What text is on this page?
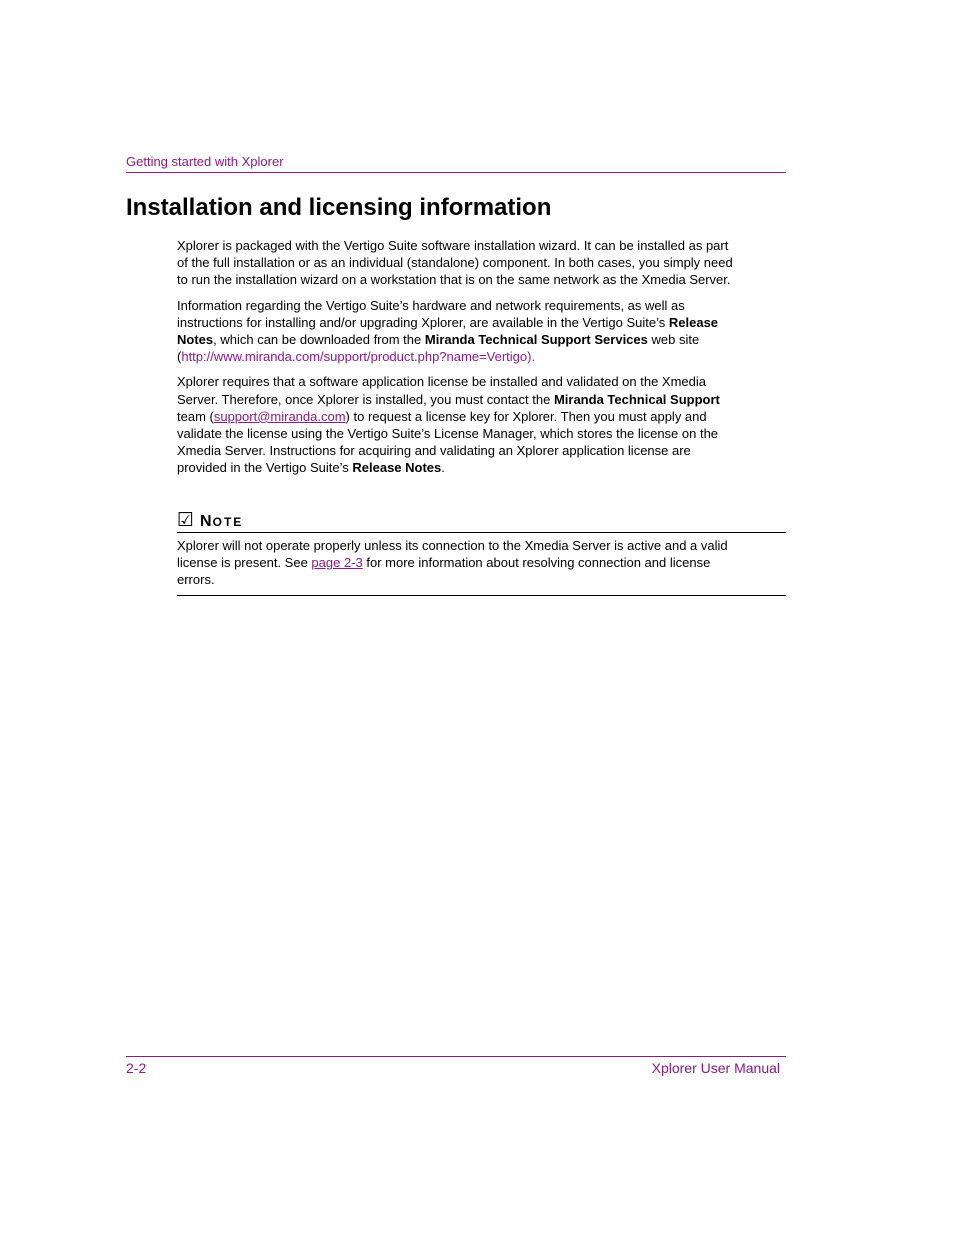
Getting started with Xplorer
Installation and licensing information

Xplorer is packaged with the Vertigo Suite software installation wizard. It can be installed as part of the full installation or as an individual (standalone) component. In both cases, you simply need to run the installation wizard on a workstation that is on the same network as the Xmedia Server.

Information regarding the Vertigo Suite’s hardware and network requirements, as well as instructions for installing and/or upgrading Xplorer, are available in the Vertigo Suite’s Release Notes, which can be downloaded from the Miranda Technical Support Services web site (http://www.miranda.com/support/product.php?name=Vertigo).

Xplorer requires that a software application license be installed and validated on the Xmedia Server. Therefore, once Xplorer is installed, you must contact the Miranda Technical Support team (support@miranda.com) to request a license key for Xplorer. Then you must apply and validate the license using the Vertigo Suite’s License Manager, which stores the license on the Xmedia Server. Instructions for acquiring and validating an Xplorer application license are provided in the Vertigo Suite’s Release Notes.

☑ NOTE

Xplorer will not operate properly unless its connection to the Xmedia Server is active and a valid license is present. See page 2-3 for more information about resolving connection and license errors.

2-2	Xplorer User Manual
